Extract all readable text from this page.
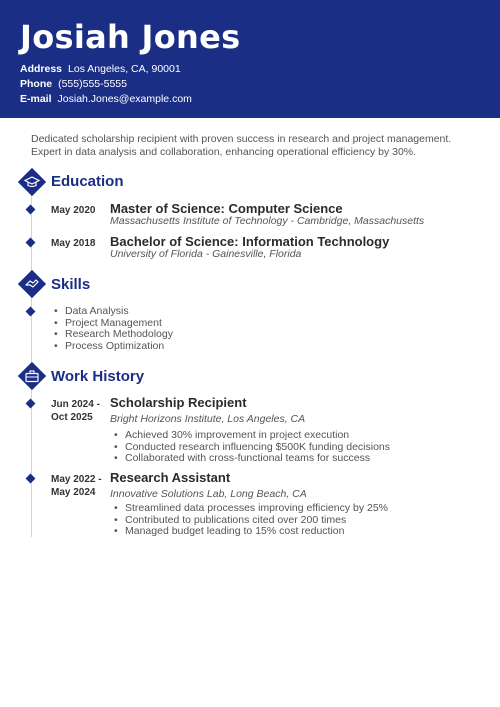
Josiah Jones
Address Los Angeles, CA, 90001
Phone (555)555-5555
E-mail Josiah.Jones@example.com
Dedicated scholarship recipient with proven success in research and project management. Expert in data analysis and collaboration, enhancing operational efficiency by 30%.
Education
May 2020 Master of Science: Computer Science
Massachusetts Institute of Technology - Cambridge, Massachusetts
May 2018 Bachelor of Science: Information Technology
University of Florida - Gainesville, Florida
Skills
• Data Analysis
• Project Management
• Research Methodology
• Process Optimization
Work History
Jun 2024 -
Oct 2025
Scholarship Recipient
Bright Horizons Institute, Los Angeles, CA
• Achieved 30% improvement in project execution
• Conducted research influencing $500K funding decisions
• Collaborated with cross-functional teams for success
May 2022 -
May 2024
Research Assistant
Innovative Solutions Lab, Long Beach, CA
• Streamlined data processes improving efficiency by 25%
• Contributed to publications cited over 200 times
• Managed budget leading to 15% cost reduction
